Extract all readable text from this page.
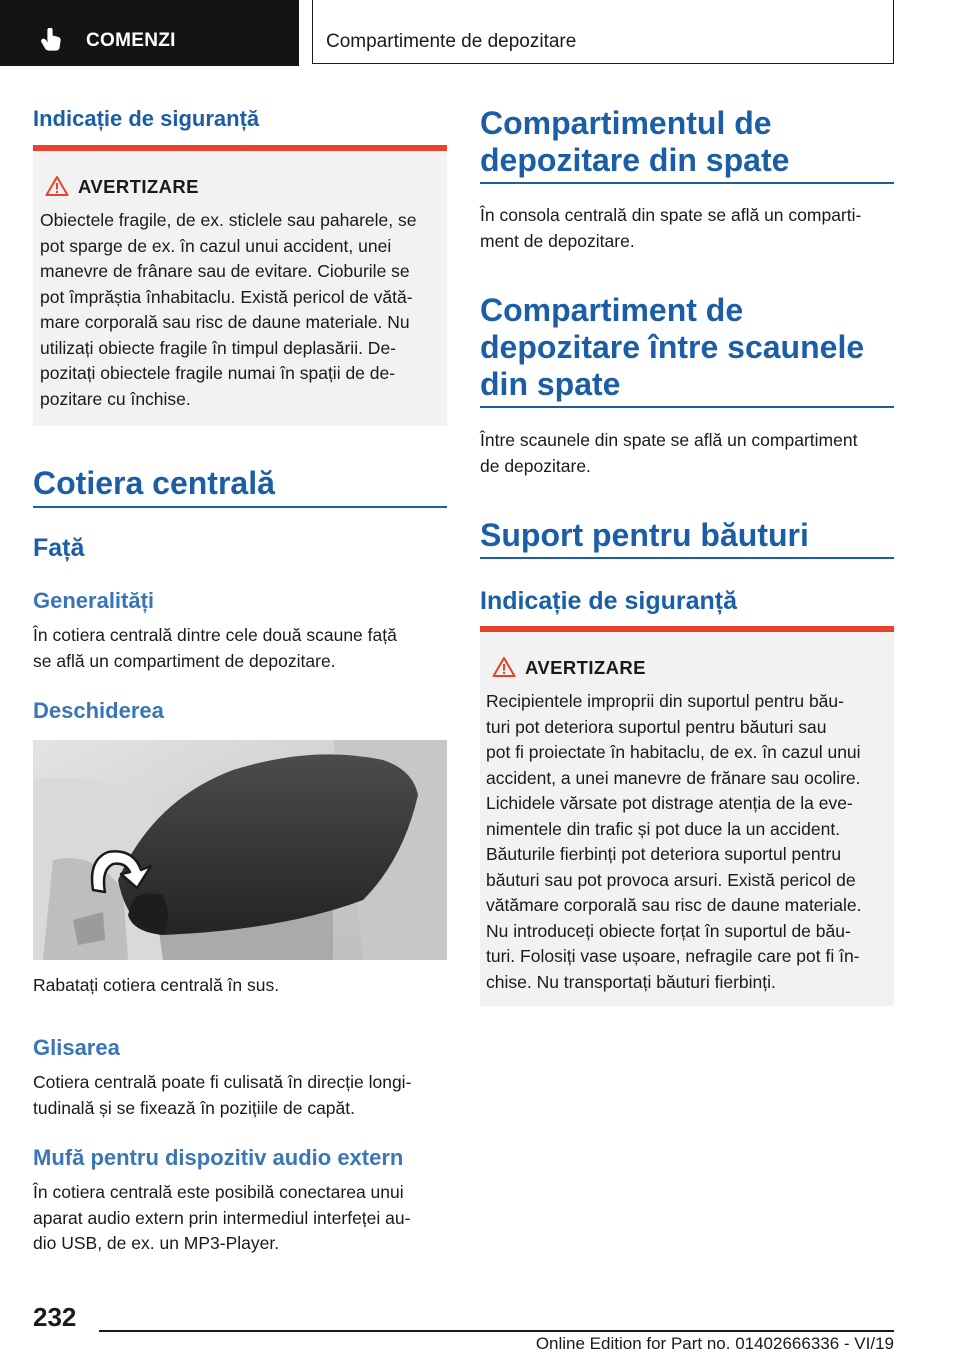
COMENZI	Compartimente de depozitare
Indicație de siguranță
AVERTIZARE
Obiectele fragile, de ex. sticlele sau paharele, se
pot sparge de ex. în cazul unui accident, unei
manevre de frânare sau de evitare. Cioburile se
pot împrăștia înhabitaclu. Există pericol de vătă-
mare corporală sau risc de daune materiale. Nu
utilizați obiecte fragile în timpul deplasării. De-
pozitați obiectele fragile numai în spații de de-
pozitare cu închise.
Cotiera centrală
Față
Generalități
În cotiera centrală dintre cele două scaune față
se află un compartiment de depozitare.
Deschiderea
Rabatați cotiera centrală în sus.
Glisarea
Cotiera centrală poate fi culisată în direcție longi-
tudinală și se fixează în pozițiile de capăt.
Mufă pentru dispozitiv audio extern
În cotiera centrală este posibilă conectarea unui
aparat audio extern prin intermediul interfeței au-
dio USB, de ex. un MP3-Player.
Compartimentul de
depozitare din spate
În consola centrală din spate se află un comparti-
ment de depozitare.
Compartiment de
depozitare între scaunele
din spate
Între scaunele din spate se află un compartiment
de depozitare.
Suport pentru băuturi
Indicație de siguranță
AVERTIZARE
Recipientele improprii din suportul pentru bău-
turi pot deteriora suportul pentru băuturi sau
pot fi proiectate în habitaclu, de ex. în cazul unui
accident, a unei manevre de frănare sau ocolire.
Lichidele vărsate pot distrage atenția de la eve-
nimentele din trafic și pot duce la un accident.
Băuturile fierbinți pot deteriora suportul pentru
băuturi sau pot provoca arsuri. Există pericol de
vătămare corporală sau risc de daune materiale.
Nu introduceți obiecte forțat în suportul de bău-
turi. Folosiți vase ușoare, nefragile care pot fi în-
chise. Nu transportați băuturi fierbinți.
232
Online Edition for Part no. 01402666336 - VI/19
